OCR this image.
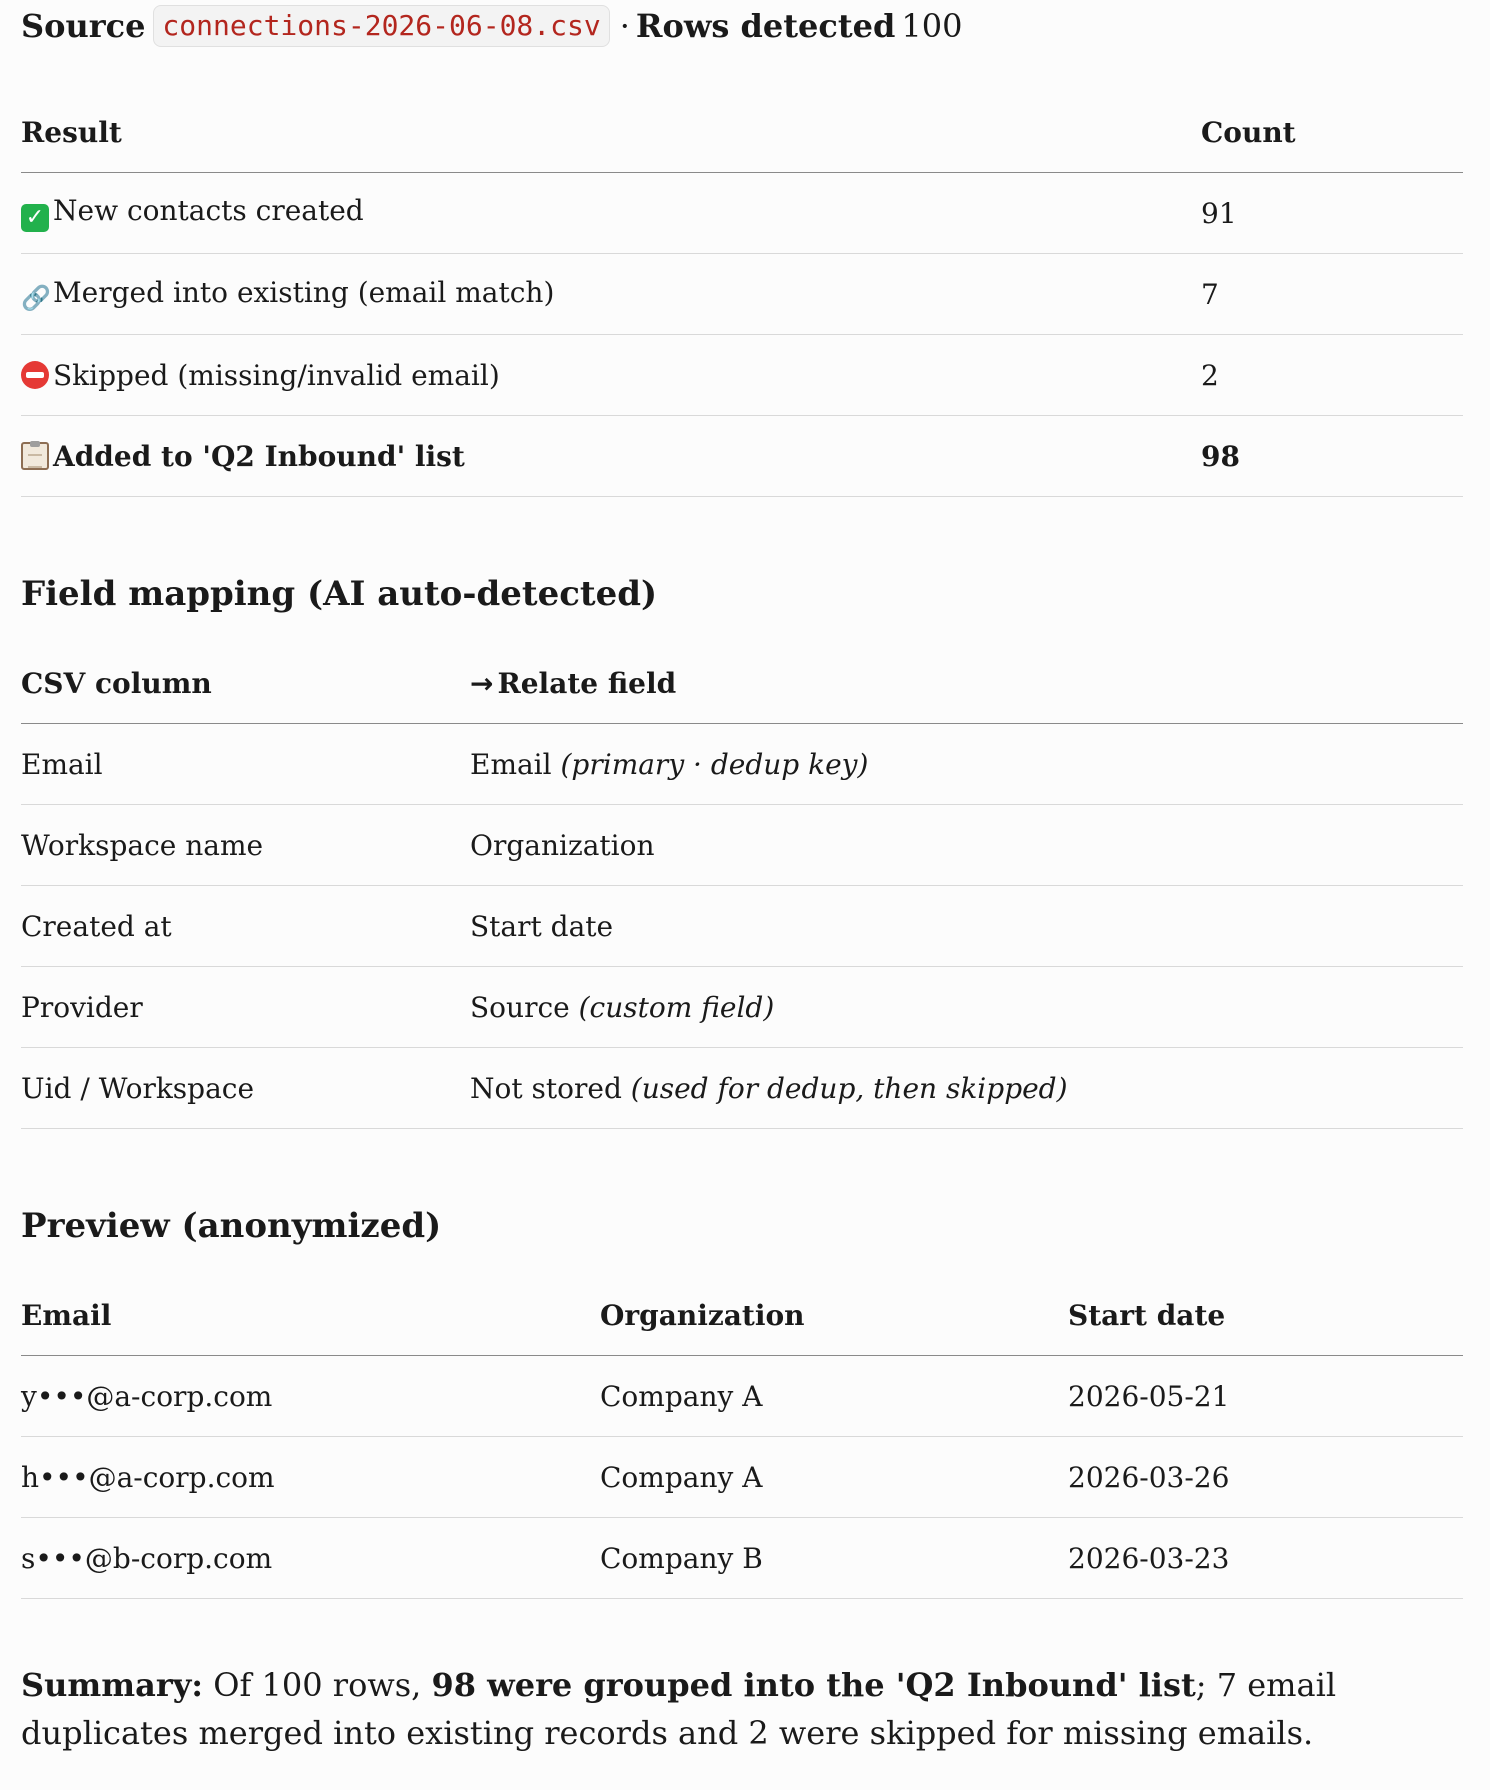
Source connections-2026-06-08.csv · Rows detected 100
Result	Count
✓ New contacts created	91
🔗Merged into existing (email match)	7
Skipped (missing/invalid email)	2
Added to 'Q2 Inbound' list	98
Field mapping (AI auto-detected)
CSV column	→ Relate field
Email	Email (primary · dedup key)
Workspace name	Organization
Created at	Start date
Provider	Source (custom field)
Uid / Workspace	Not stored (used for dedup, then skipped)
Preview (anonymized)
Email	Organization	Start date
y•••@a-corp.com	Company A	2026-05-21
h•••@a-corp.com	Company A	2026-03-26
s•••@b-corp.com	Company B	2026-03-23

Summary: Of 100 rows, 98 were grouped into the 'Q2 Inbound' list; 7 email duplicates merged into existing records and 2 were skipped for missing emails.
